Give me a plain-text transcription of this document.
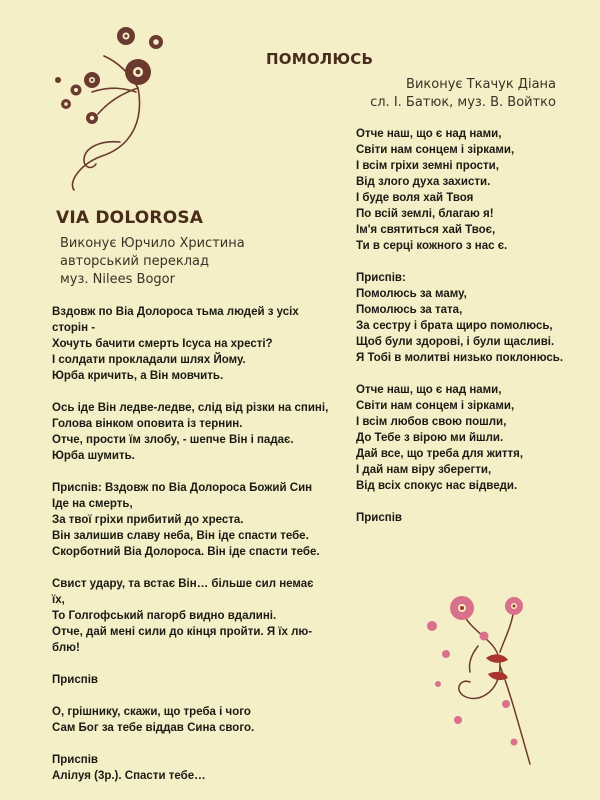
ПОМОЛЮСЬ
Виконує Ткачук Діана
сл. І. Батюк, муз. В. Войтко
Отче наш, що є над нами,
Світи нам сонцем і зірками,
І всім гріхи земні прости,
Від злого духа захисти.
І буде воля хай Твоя
По всій землі, благаю я!
Ім'я святиться хай Твоє,
Ти в серці кожного з нас є.
Приспів:
Помолюсь за маму,
Помолюсь за тата,
За сестру і брата щиро помолюсь,
Щоб були здорові, і були щасливі.
Я Тобі в молитві низько поклонюсь.
Отче наш, що є над нами,
Світи нам сонцем і зірками,
І всім любов свою пошли,
До Тебе з вірою ми йшли.
Дай все, що треба для життя,
І дай нам віру зберегти,
Від всіх спокус нас відведи.
Приспів
VIA DOLOROSA
Виконує Юрчило Христина
авторський переклад
муз. Nilees Bogor
Вздовж по Віа Долороса тьма людей з усіх
сторін -
Хочуть бачити смерть Ісуса на хресті?
І солдати прокладали шлях Йому.
Юрба кричить, а Він мовчить.
Ось іде Він ледве-ледве, слід від різки на спині,
Голова вінком оповита із тернин.
Отче, прости їм злобу, - шепче Він і падає.
Юрба шумить.
Приспів: Вздовж по Віа Долороса Божий Син
Іде на смерть,
За твої гріхи прибитий до хреста.
Він залишив славу неба, Він іде спасти тебе.
Скорботний Віа Долороса. Він іде спасти тебе.
Свист удару, та встає Він… більше сил немає
їх,
То Голгофський пагорб видно вдалині.
Отче, дай мені сили до кінця пройти. Я їх лю-
блю!
Приспів
О, грішнику, скажи, що треба і чого
Сам Бог за тебе віддав Сина свого.
Приспів
Алілуя (3р.). Спасти тебе…
